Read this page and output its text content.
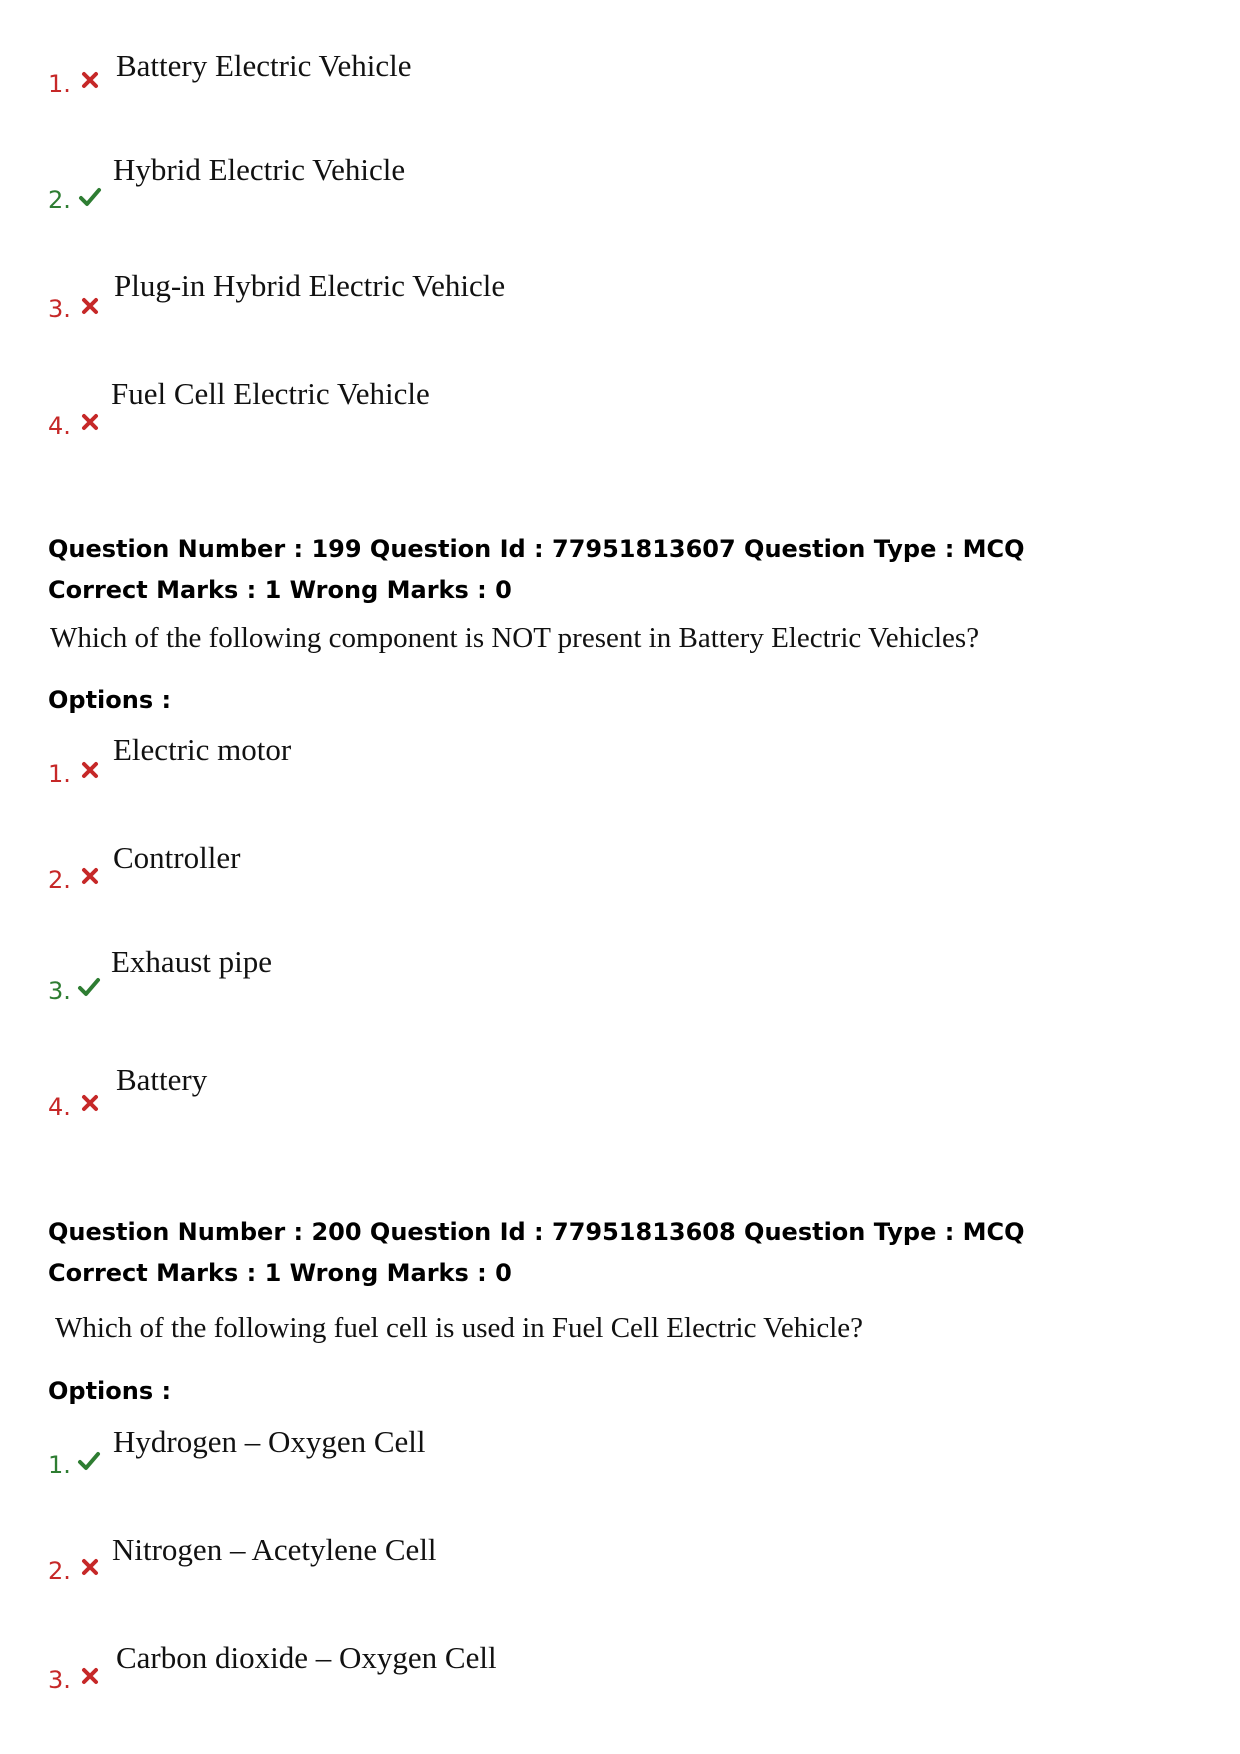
1.
Battery Electric Vehicle
2.
Hybrid Electric Vehicle
3.
Plug-in Hybrid Electric Vehicle
4.
Fuel Cell Electric Vehicle
Question Number : 199 Question Id : 77951813607 Question Type : MCQ
Correct Marks : 1 Wrong Marks : 0
Which of the following component is NOT present in Battery Electric Vehicles?
Options :
1.
Electric motor
2.
Controller
3.
Exhaust pipe
4.
Battery
Question Number : 200 Question Id : 77951813608 Question Type : MCQ
Correct Marks : 1 Wrong Marks : 0
Which of the following fuel cell is used in Fuel Cell Electric Vehicle?
Options :
1.
Hydrogen – Oxygen Cell
2.
Nitrogen – Acetylene Cell
3.
Carbon dioxide – Oxygen Cell
